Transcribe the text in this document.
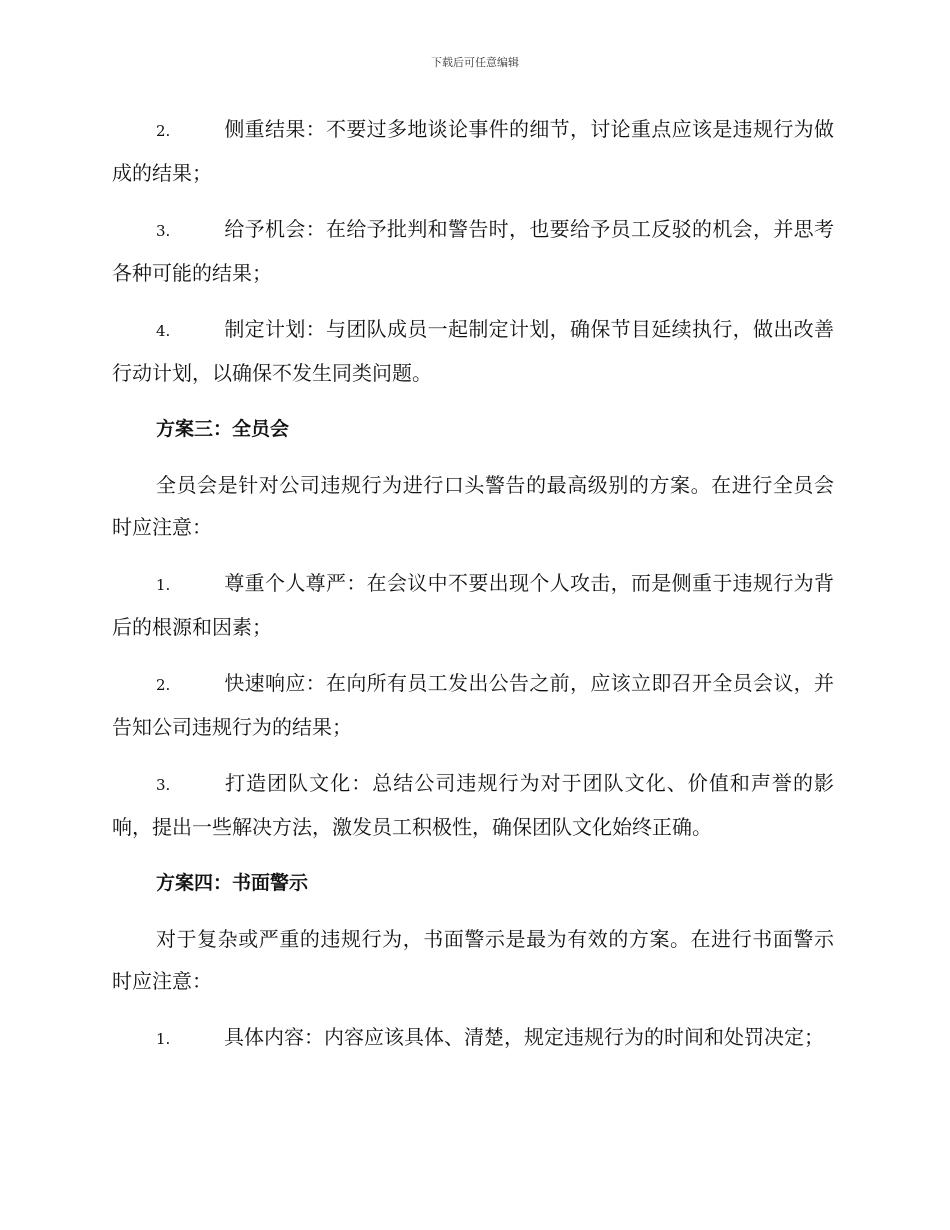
下载后可任意编辑

2.	侧重结果：不要过多地谈论事件的细节，讨论重点应该是违规行为做成的结果；

3.	给予机会：在给予批判和警告时，也要给予员工反驳的机会，并思考各种可能的结果；

4.	制定计划：与团队成员一起制定计划，确保节目延续执行，做出改善行动计划，以确保不发生同类问题。

方案三：全员会

全员会是针对公司违规行为进行口头警告的最高级别的方案。在进行全员会时应注意：

1.	尊重个人尊严：在会议中不要出现个人攻击，而是侧重于违规行为背后的根源和因素；

2.	快速响应：在向所有员工发出公告之前，应该立即召开全员会议，并告知公司违规行为的结果；

3.	打造团队文化：总结公司违规行为对于团队文化、价值和声誉的影响，提出一些解决方法，激发员工积极性，确保团队文化始终正确。

方案四：书面警示

对于复杂或严重的违规行为，书面警示是最为有效的方案。在进行书面警示时应注意：

1.	具体内容：内容应该具体、清楚，规定违规行为的时间和处罚决定；
